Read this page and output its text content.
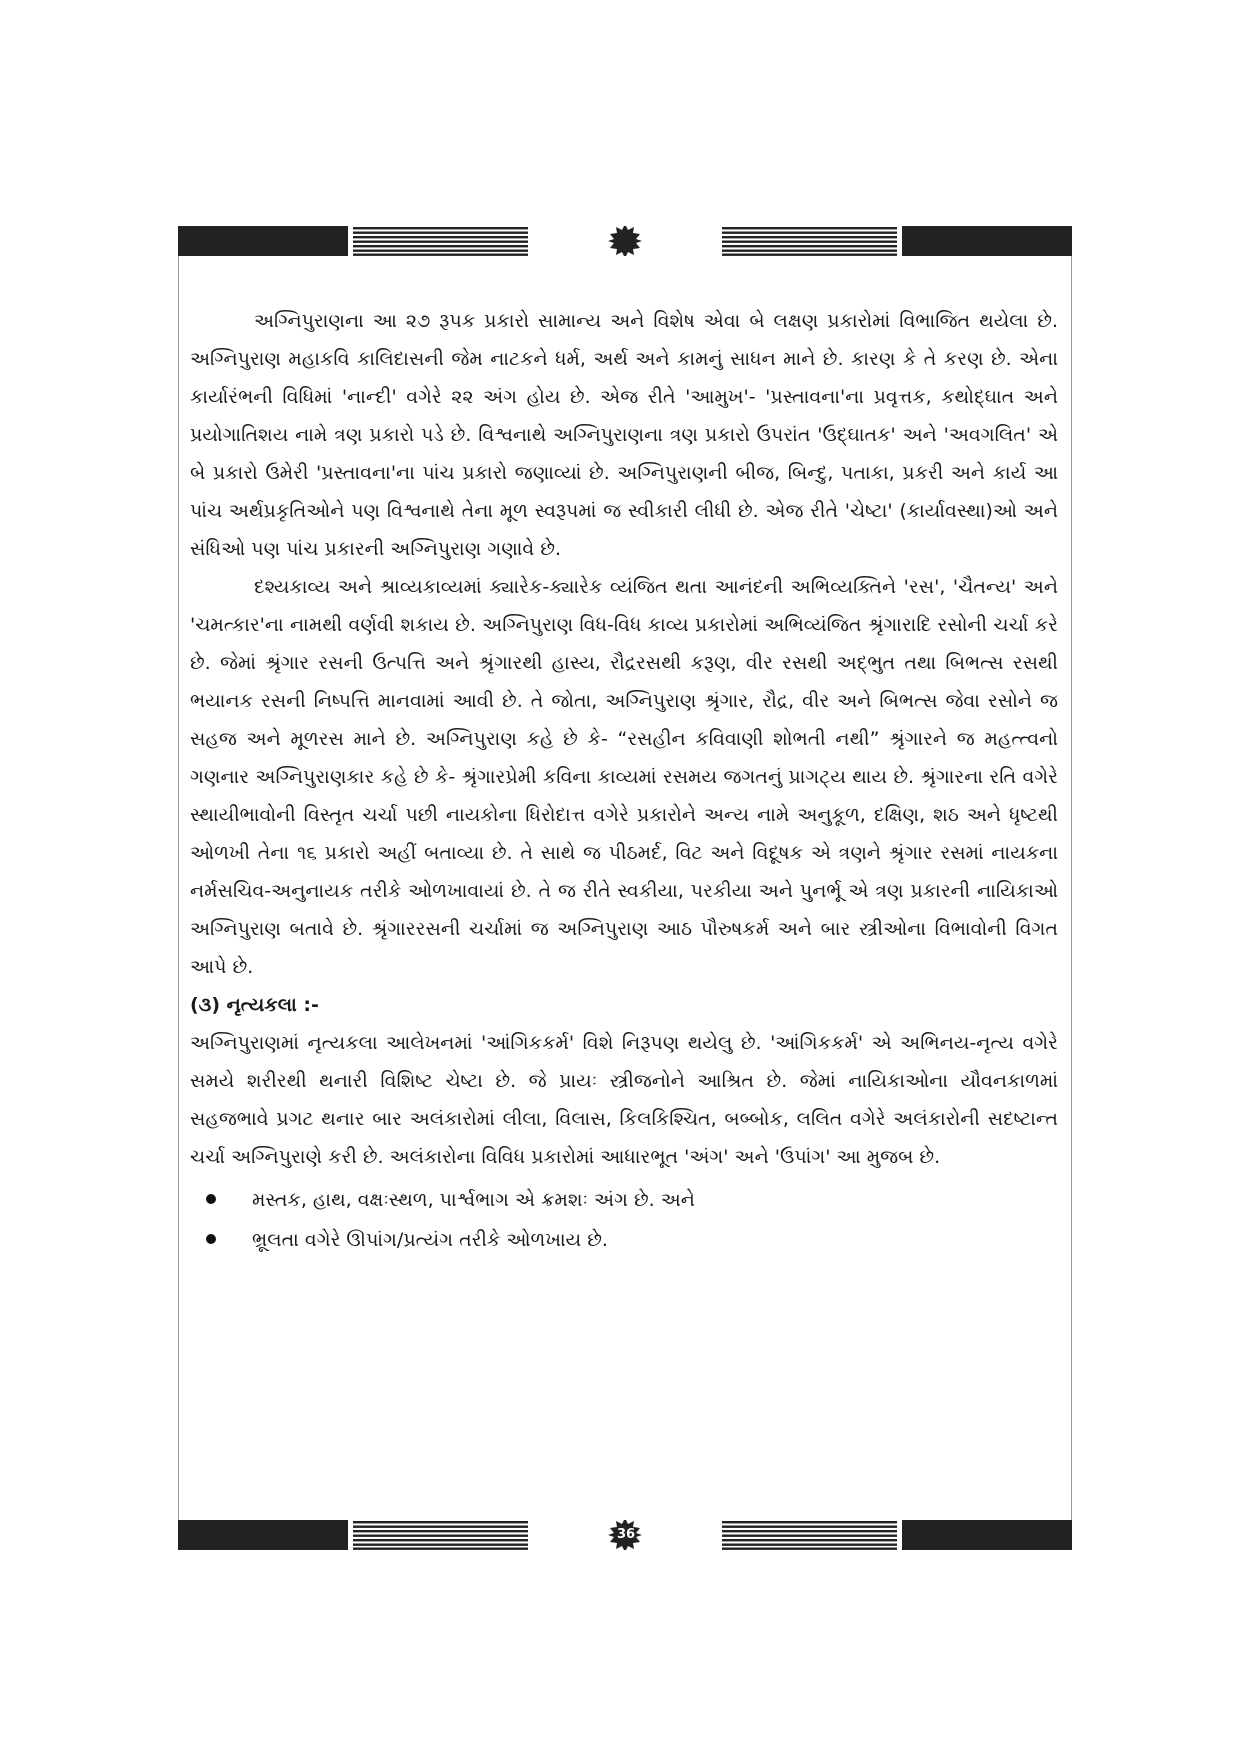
અગ્નિપુરાણના આ ૨૭ રૂપક પ્રકારો સામાન્ય અને વિશેષ એવા બે લક્ષણ પ્રકારોમાં વિભાજિત થયેલા છે. અગ્નિપુરાણ મહાકવિ કાલિદાસની જેમ નાટકને ધર્મ, અર્થ અને કામનું સાધન માને છે. કારણ કે તે કરણ છે. એના કાર્યારંભની વિધિમાં 'નાન્દી' વગેરે ૨૨ અંગ હોય છે. એજ રીતે 'આમુખ'- 'પ્રસ્તાવના'ના પ્રવૃત્તક, કથોદ્ઘાત અને પ્રયોગાતિશય નામે ત્રણ પ્રકારો પડે છે. વિશ્વનાથે અગ્નિપુરાણના ત્રણ પ્રકારો ઉપરાંત 'ઉદ્ઘાતક' અને 'અવગલિત' એ બે પ્રકારો ઉમેરી 'પ્રસ્તાવના'ના પાંચ પ્રકારો જણાવ્યાં છે. અગ્નિપુરાણની બીજ, બિન્દુ, પતાકા, પ્રકરી અને કાર્ય આ પાંચ અર્થપ્રકૃતિઓને પણ વિશ્વનાથે તેના મૂળ સ્વરૂપમાં જ સ્વીકારી લીધી છે. એજ રીતે 'ચેષ્ટા' (કાર્યાવસ્થા)ઓ અને સંધિઓ પણ પાંચ પ્રકારની અગ્નિપુરાણ ગણાવે છે.

દશ્યકાવ્ય અને શ્રાવ્યકાવ્યમાં ક્યારેક-ક્યારેક વ્યંજિત થતા આનંદની અભિવ્યક્તિને 'રસ', 'ચૈતન્ય' અને 'ચમત્કાર'ના નામથી વર્ણવી શકાય છે. અગ્નિપુરાણ વિધ-વિધ કાવ્ય પ્રકારોમાં અભિવ્યંજિત શ્રૃંગારાદિ રસોની ચર્ચા કરે છે. જેમાં શ્રૃંગાર રસની ઉત્પત્તિ અને શ્રૃંગારથી હાસ્ય, રૌદ્રરસથી કરૂણ, વીર રસથી અદ્ભુત તથા બિભત્સ રસથી ભયાનક રસની નિષ્પત્તિ માનવામાં આવી છે. તે જોતા, અગ્નિપુરાણ શ્રૃંગાર, રૌદ્ર, વીર અને બિભત્સ જેવા રસોને જ સહજ અને મૂળરસ માને છે. અગ્નિપુરાણ કહે છે કે- “રસહીન કવિવાણી શોભતી નથી” શ્રૃંગારને જ મહત્ત્વનો ગણનાર અગ્નિપુરાણકાર કહે છે કે- શ્રૃંગારપ્રેમી કવિના કાવ્યમાં રસમય જગતનું પ્રાગટ્ય થાય છે. શ્રૃંગારના રતિ વગેરે સ્થાયીભાવોની વિસ્તૃત ચર્ચા પછી નાયકોના ધિરોદાત્ત વગેરે પ્રકારોને અન્ય નામે અનુકૂળ, દક્ષિણ, શઠ અને ધૃષ્ટથી ઓળખી તેના ૧૬ પ્રકારો અહીં બતાવ્યા છે. તે સાથે જ પીઠમર્દ, વિટ અને વિદૂષક એ ત્રણને શ્રૃંગાર રસમાં નાયકના નર્મસચિવ-અનુનાયક તરીકે ઓળખાવાયાં છે. તે જ રીતે સ્વકીયા, પરકીયા અને પુનર્ભૂ એ ત્રણ પ્રકારની નાયિકાઓ અગ્નિપુરાણ બતાવે છે. શ્રૃંગારરસની ચર્ચામાં જ અગ્નિપુરાણ આઠ પૌરુષકર્મ અને બાર સ્ત્રીઓના વિભાવોની વિગત આપે છે.

(૩) નૃત્યકલા :-

અગ્નિપુરાણમાં નૃત્યકલા આલેખનમાં 'આંગિકકર્મ' વિશે નિરૂપણ થયેલુ છે. 'આંગિકકર્મ' એ અભિનય-નૃત્ય વગેરે સમયે શરીરથી થનારી વિશિષ્ટ ચેષ્ટા છે. જે પ્રાયઃ સ્ત્રીજનોને આશ્રિત છે. જેમાં નાયિકાઓના યૌવનકાળમાં સહજભાવે પ્રગટ થનાર બાર અલંકારોમાં લીલા, વિલાસ, કિલકિશ્ચિત, બબ્બોક, લલિત વગેરે અલંકારોની સદષ્ટાન્ત ચર્ચા અગ્નિપુરાણે કરી છે. અલંકારોના વિવિધ પ્રકારોમાં આધારભૂત 'અંગ' અને 'ઉપાંગ' આ મુજબ છે.

મસ્તક, હાથ, વક્ષઃસ્થળ, પાર્શ્વભાગ એ ક્રમશઃ અંગ છે. અને
ભ્રૂલતા વગેરે ઊપાંગ/પ્રત્યંગ તરીકે ઓળખાય છે.
36
